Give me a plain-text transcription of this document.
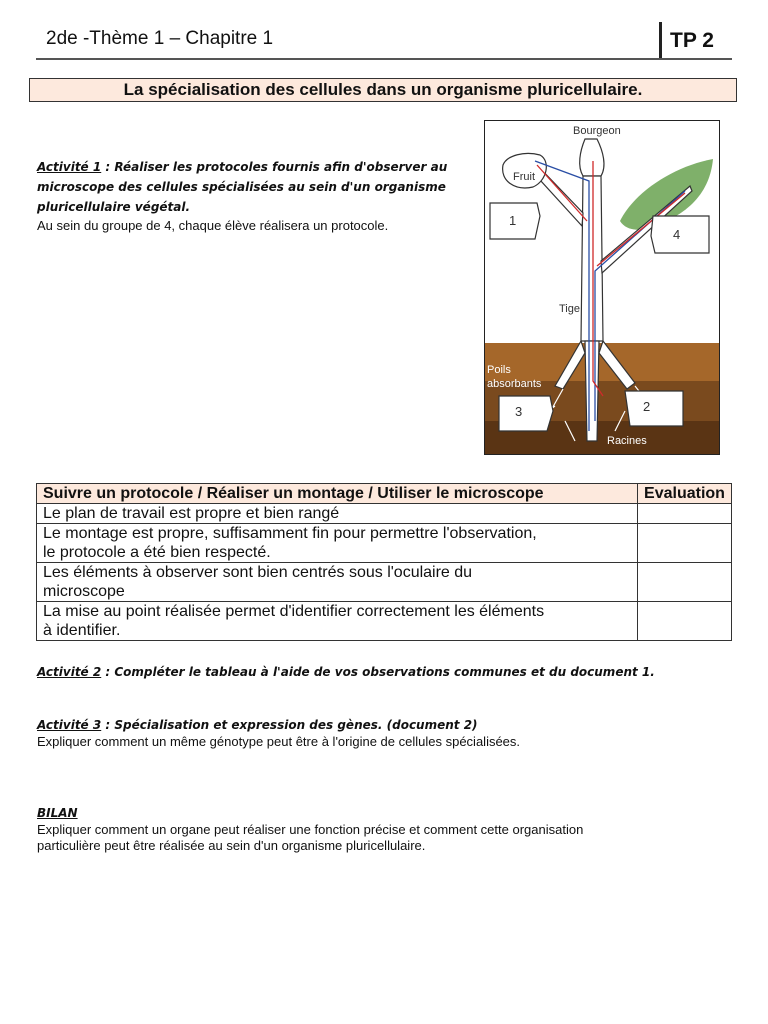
2de -Thème 1 – Chapitre 1	TP 2
La spécialisation des cellules dans un organisme pluricellulaire.
Activité 1 : Réaliser les protocoles fournis afin d'observer au microscope des cellules spécialisées au sein d'un organisme pluricellulaire végétal.
Au sein du groupe de 4, chaque élève réalisera un protocole.
Bourgeon
Fruit
Tige
Poils
absorbants
Racines
1
2
3
4
Suivre un protocole / Réaliser un montage / Utiliser le microscope	Evaluation
Le plan de travail est propre et bien rangé	
Le montage est propre, suffisamment fin pour permettre l'observation,
le protocole a été bien respecté.	
Les éléments à observer sont bien centrés sous l'oculaire du
microscope	
La mise au point réalisée permet d'identifier correctement les éléments
à identifier.	
Activité 2 : Compléter le tableau à l'aide de vos observations communes et du document 1.
Activité 3 : Spécialisation et expression des gènes. (document 2)
Expliquer comment un même génotype peut être à l'origine de cellules spécialisées.
BILAN
Expliquer comment un organe peut réaliser une fonction précise et comment cette organisation
particulière peut être réalisée au sein d'un organisme pluricellulaire.
